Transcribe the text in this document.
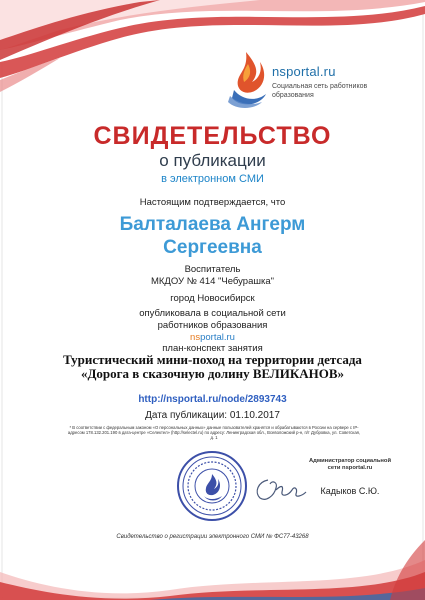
nsportal.ru
Социальная сеть работников
образования
СВИДЕТЕЛЬСТВО
о публикации
в электронном СМИ
Настоящим подтверждается, что
Балталаева Ангерм
Сергеевна
Воспитатель
МКДОУ № 414 "Чебурашка"
город Новосибирск
опубликовала в социальной сети
работников образования
nsportal.ru
план-конспект занятия
Туристический мини-поход на территории детсада «Дорога в сказочную долину ВЕЛИКАНОВ»
http://nsportal.ru/node/2893743
Дата публикации: 01.10.2017
* В соответствии с федеральным законом «О персональных данных» данные пользователей хранятся и обрабатываются в России на сервере с IP-адресом 178.132.201.190 в дата-центре «Селектел» (http://selectel.ru) по адресу: Ленинградская обл., Всеволожский р-н, п/т Дубровка, ул. Советская, д. 1
Администратор социальной
сети nsportal.ru
Кадыков С.Ю.
Свидетельство о регистрации электронного СМИ № ФС77-43268
